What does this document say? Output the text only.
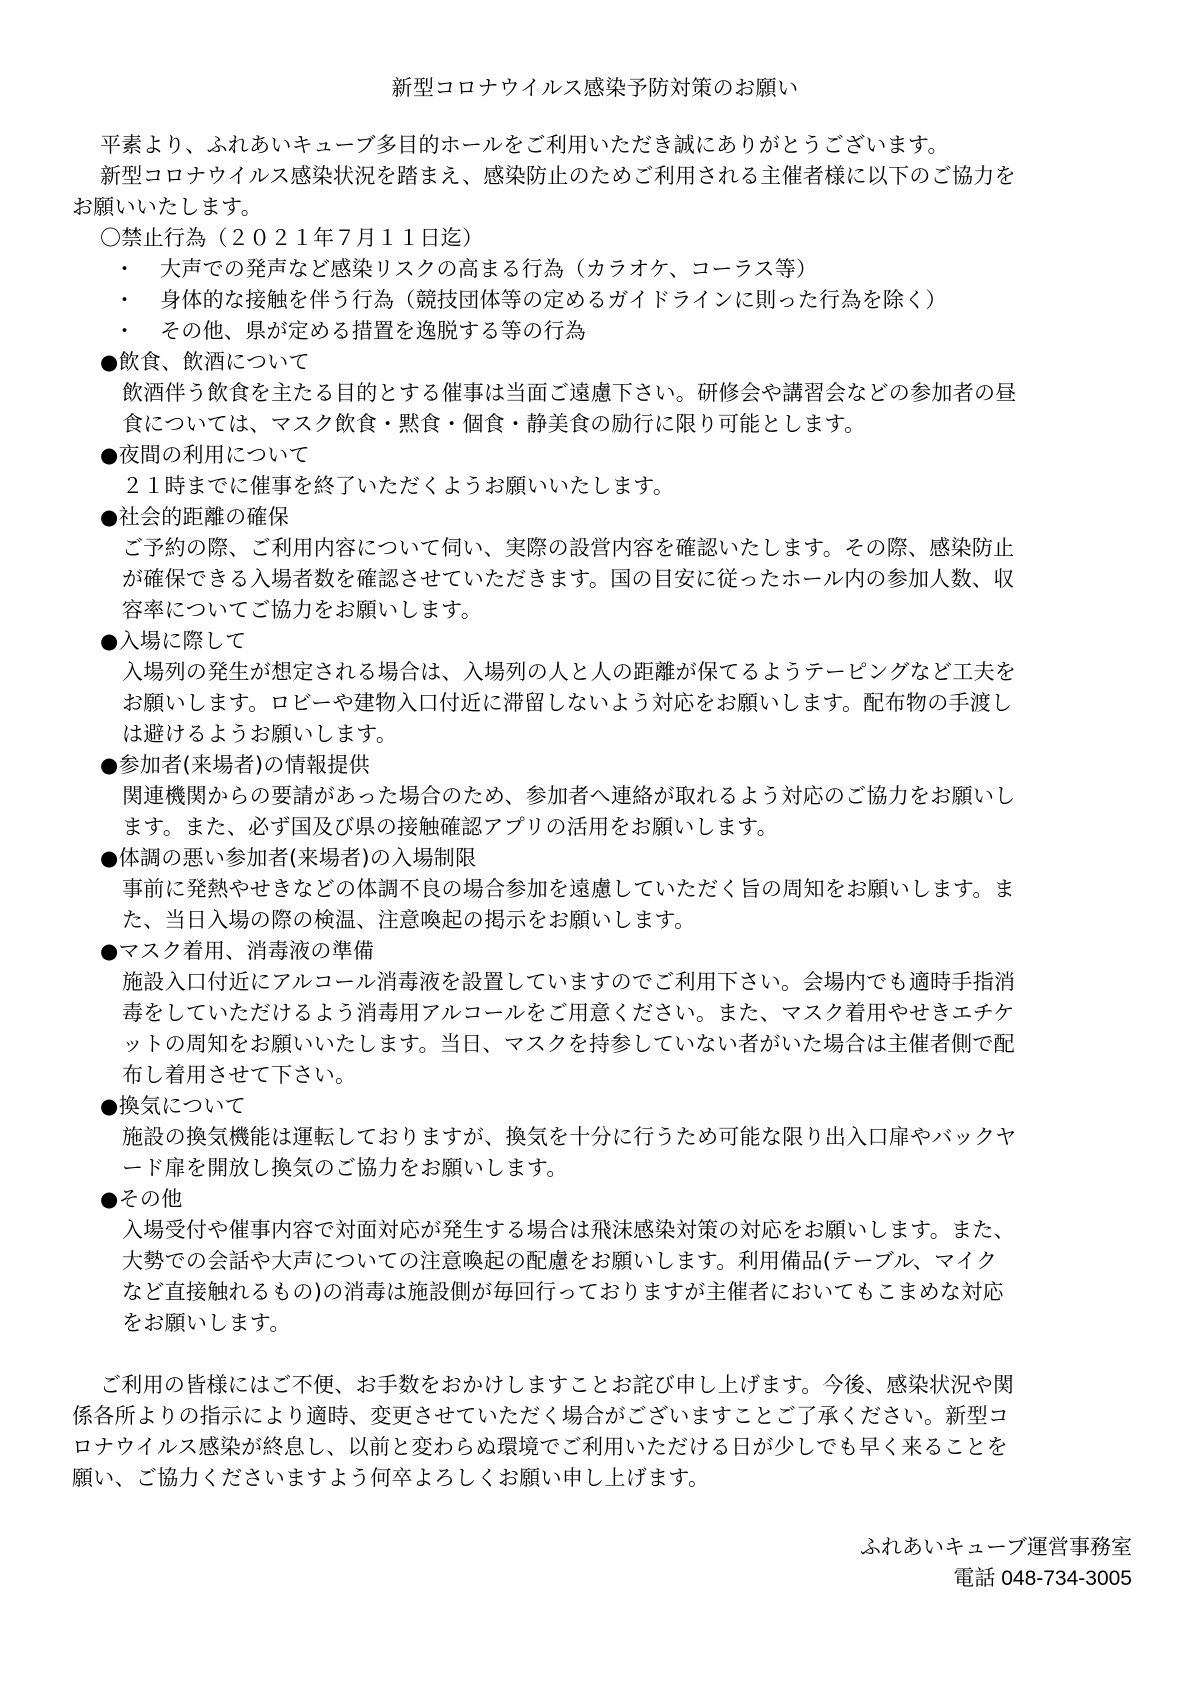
新型コロナウイルス感染予防対策のお願い
平素より、ふれあいキューブ多目的ホールをご利用いただき誠にありがとうございます。
新型コロナウイルス感染状況を踏まえ、感染防止のためご利用される主催者様に以下のご協力を
お願いいたします。
〇禁止行為（２０２１年７月１１日迄）
・ 大声での発声など感染リスクの高まる行為（カラオケ、コーラス等）
・ 身体的な接触を伴う行為（競技団体等の定めるガイドラインに則った行為を除く）
・ その他、県が定める措置を逸脱する等の行為
●飲食、飲酒について
飲酒伴う飲食を主たる目的とする催事は当面ご遠慮下さい。研修会や講習会などの参加者の昼
食については、マスク飲食・黙食・個食・静美食の励行に限り可能とします。
●夜間の利用について
２１時までに催事を終了いただくようお願いいたします。
●社会的距離の確保
ご予約の際、ご利用内容について伺い、実際の設営内容を確認いたします。その際、感染防止
が確保できる入場者数を確認させていただきます。国の目安に従ったホール内の参加人数、収
容率についてご協力をお願いします。
●入場に際して
入場列の発生が想定される場合は、入場列の人と人の距離が保てるようテーピングなど工夫を
お願いします。ロビーや建物入口付近に滞留しないよう対応をお願いします。配布物の手渡し
は避けるようお願いします。
●参加者(来場者)の情報提供
関連機関からの要請があった場合のため、参加者へ連絡が取れるよう対応のご協力をお願いし
ます。また、必ず国及び県の接触確認アプリの活用をお願いします。
●体調の悪い参加者(来場者)の入場制限
事前に発熱やせきなどの体調不良の場合参加を遠慮していただく旨の周知をお願いします。ま
た、当日入場の際の検温、注意喚起の掲示をお願いします。
●マスク着用、消毒液の準備
施設入口付近にアルコール消毒液を設置していますのでご利用下さい。会場内でも適時手指消
毒をしていただけるよう消毒用アルコールをご用意ください。また、マスク着用やせきエチケ
ットの周知をお願いいたします。当日、マスクを持参していない者がいた場合は主催者側で配
布し着用させて下さい。
●換気について
施設の換気機能は運転しておりますが、換気を十分に行うため可能な限り出入口扉やバックヤ
ード扉を開放し換気のご協力をお願いします。
●その他
入場受付や催事内容で対面対応が発生する場合は飛沫感染対策の対応をお願いします。また、
大勢での会話や大声についての注意喚起の配慮をお願いします。利用備品(テーブル、マイク
など直接触れるもの)の消毒は施設側が毎回行っておりますが主催者においてもこまめな対応
をお願いします。
ご利用の皆様にはご不便、お手数をおかけしますことお詫び申し上げます。今後、感染状況や関
係各所よりの指示により適時、変更させていただく場合がございますことご了承ください。新型コ
ロナウイルス感染が終息し、以前と変わらぬ環境でご利用いただける日が少しでも早く来ることを
願い、ご協力くださいますよう何卒よろしくお願い申し上げます。
ふれあいキューブ運営事務室
電話 048-734-3005
